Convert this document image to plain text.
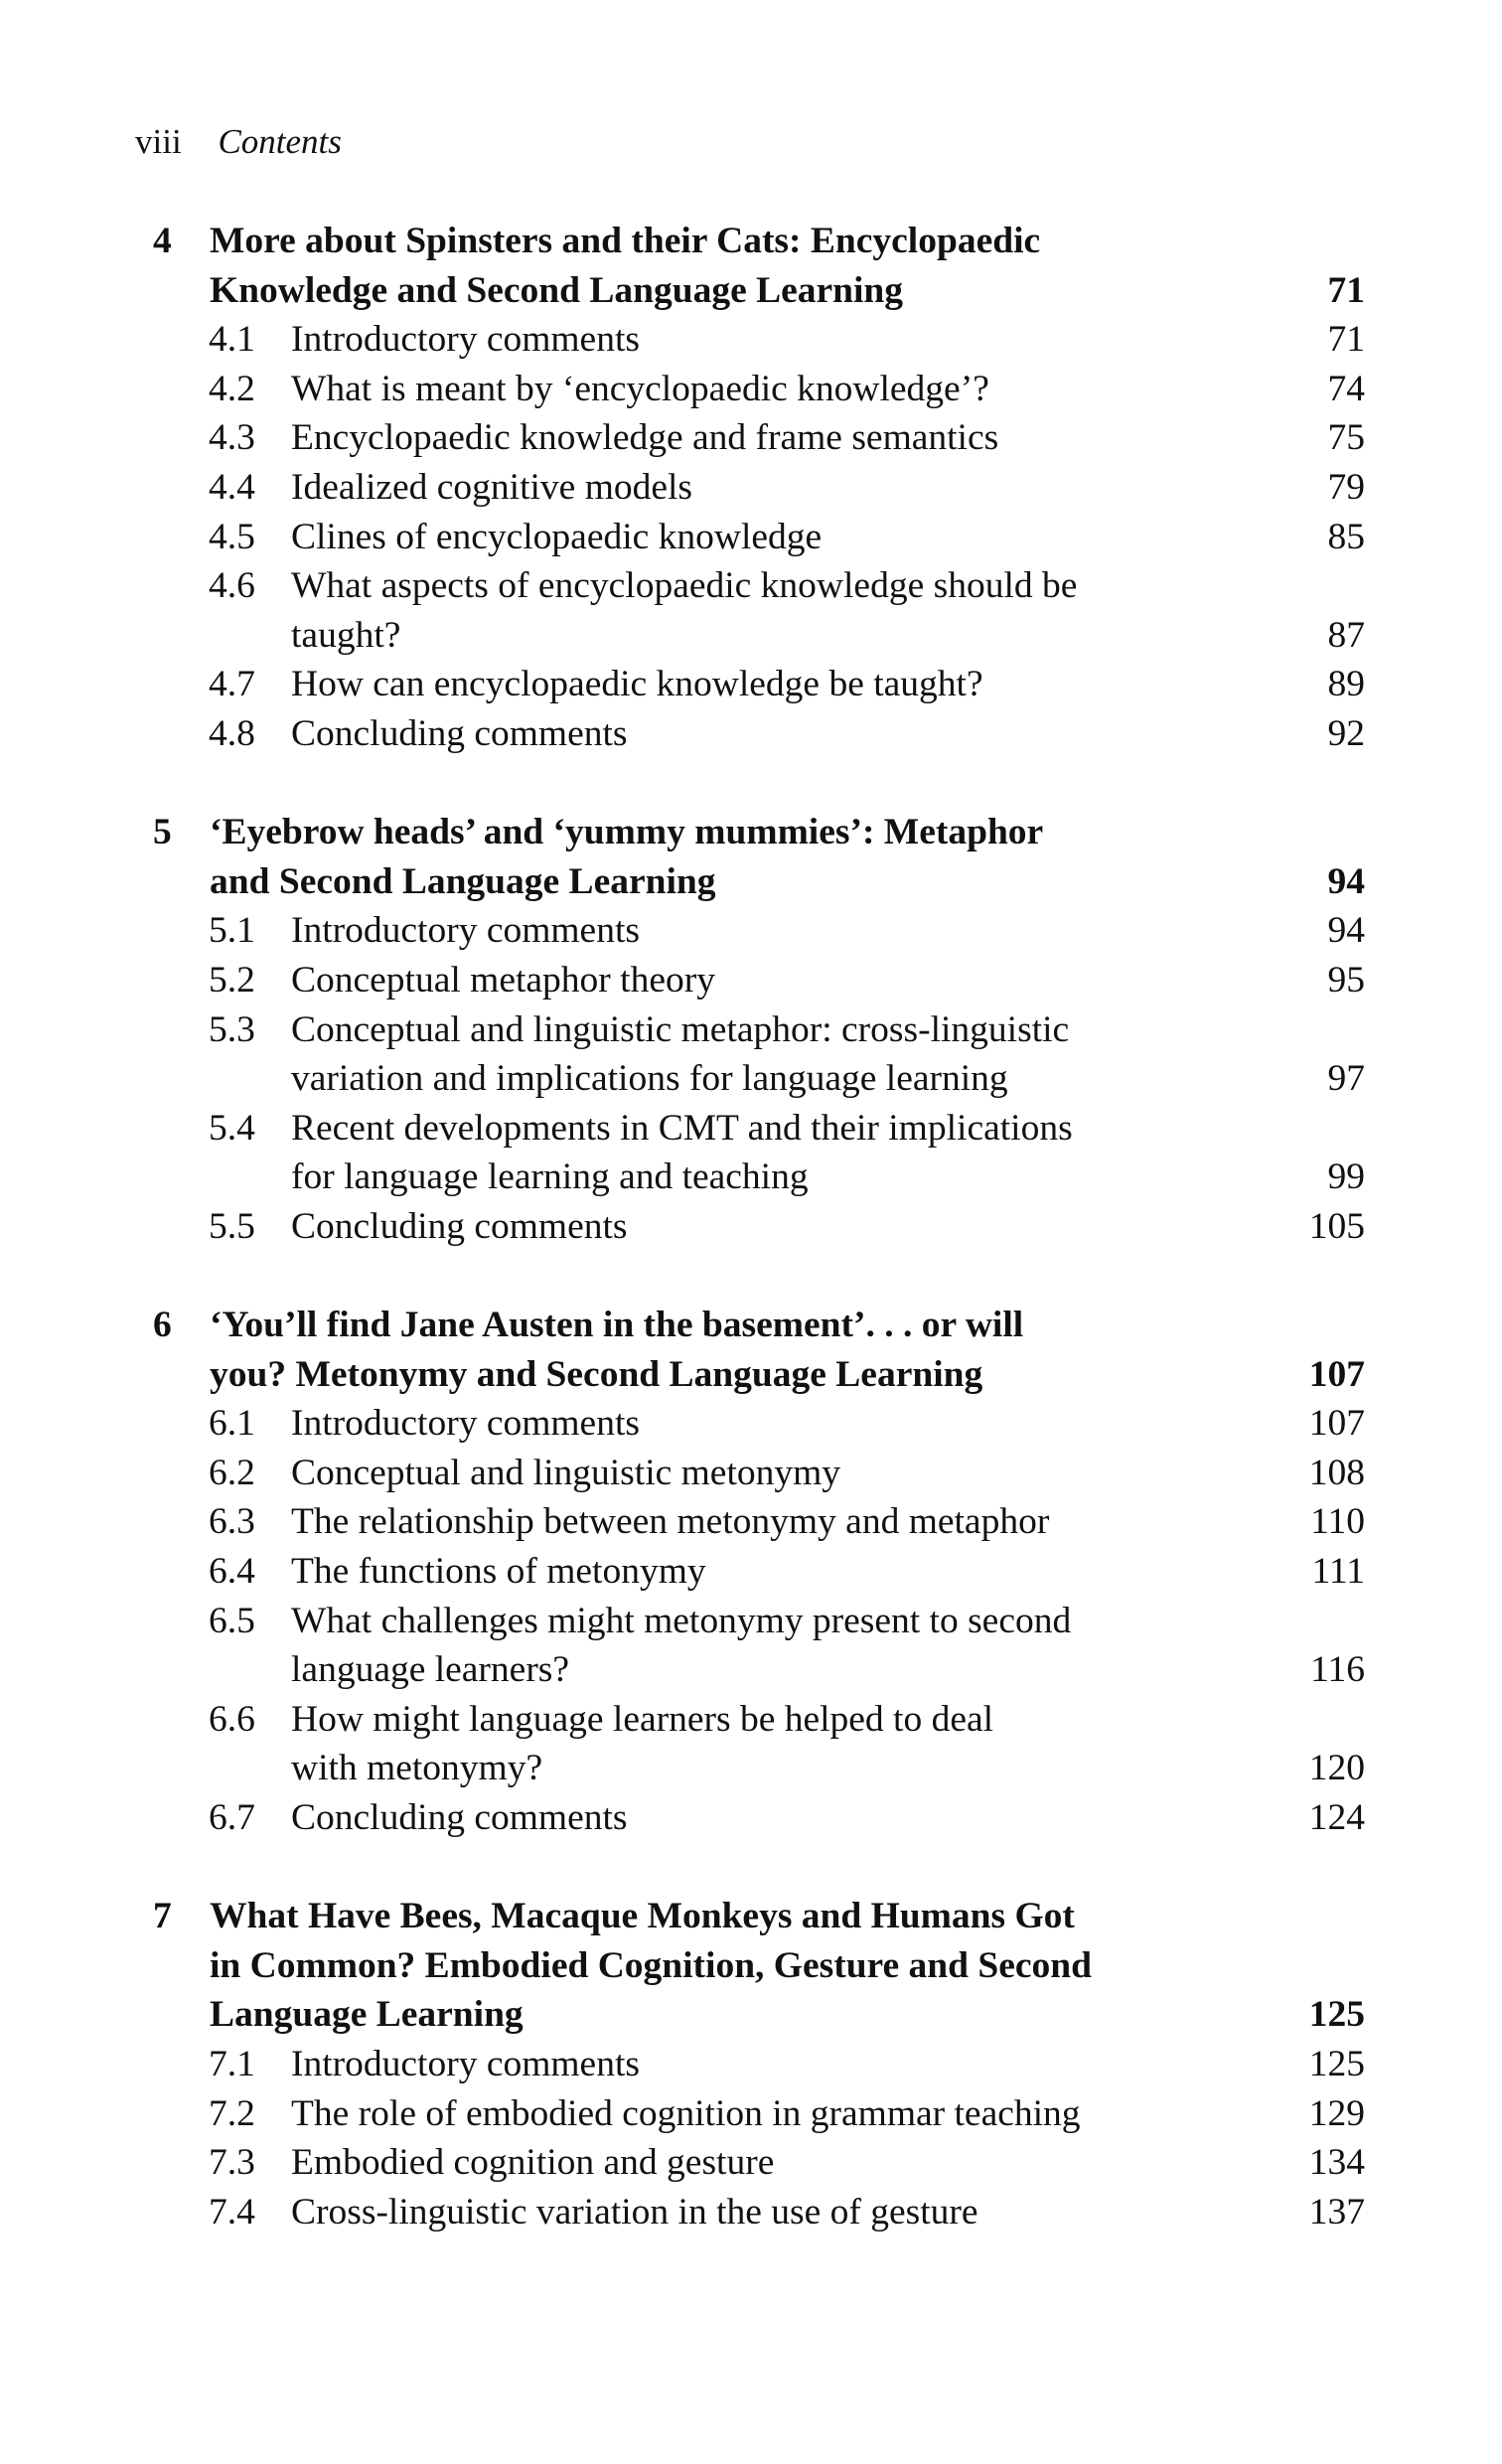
viii Contents
4 More about Spinsters and their Cats: Encyclopaedic
Knowledge and Second Language Learning	71
4.1 Introductory comments	71
4.2 What is meant by ‘encyclopaedic knowledge’?	74
4.3 Encyclopaedic knowledge and frame semantics	75
4.4 Idealized cognitive models	79
4.5 Clines of encyclopaedic knowledge	85
4.6 What aspects of encyclopaedic knowledge should be
taught?	87
4.7 How can encyclopaedic knowledge be taught?	89
4.8 Concluding comments	92
5 ‘Eyebrow heads’ and ‘yummy mummies’: Metaphor
and Second Language Learning	94
5.1 Introductory comments	94
5.2 Conceptual metaphor theory	95
5.3 Conceptual and linguistic metaphor: cross-linguistic
variation and implications for language learning	97
5.4 Recent developments in CMT and their implications
for language learning and teaching	99
5.5 Concluding comments	105
6 ‘You’ll find Jane Austen in the basement’. . . or will
you? Metonymy and Second Language Learning	107
6.1 Introductory comments	107
6.2 Conceptual and linguistic metonymy	108
6.3 The relationship between metonymy and metaphor	110
6.4 The functions of metonymy	111
6.5 What challenges might metonymy present to second
language learners?	116
6.6 How might language learners be helped to deal
with metonymy?	120
6.7 Concluding comments	124
7 What Have Bees, Macaque Monkeys and Humans Got
in Common? Embodied Cognition, Gesture and Second
Language Learning	125
7.1 Introductory comments	125
7.2 The role of embodied cognition in grammar teaching	129
7.3 Embodied cognition and gesture	134
7.4 Cross-linguistic variation in the use of gesture	137
